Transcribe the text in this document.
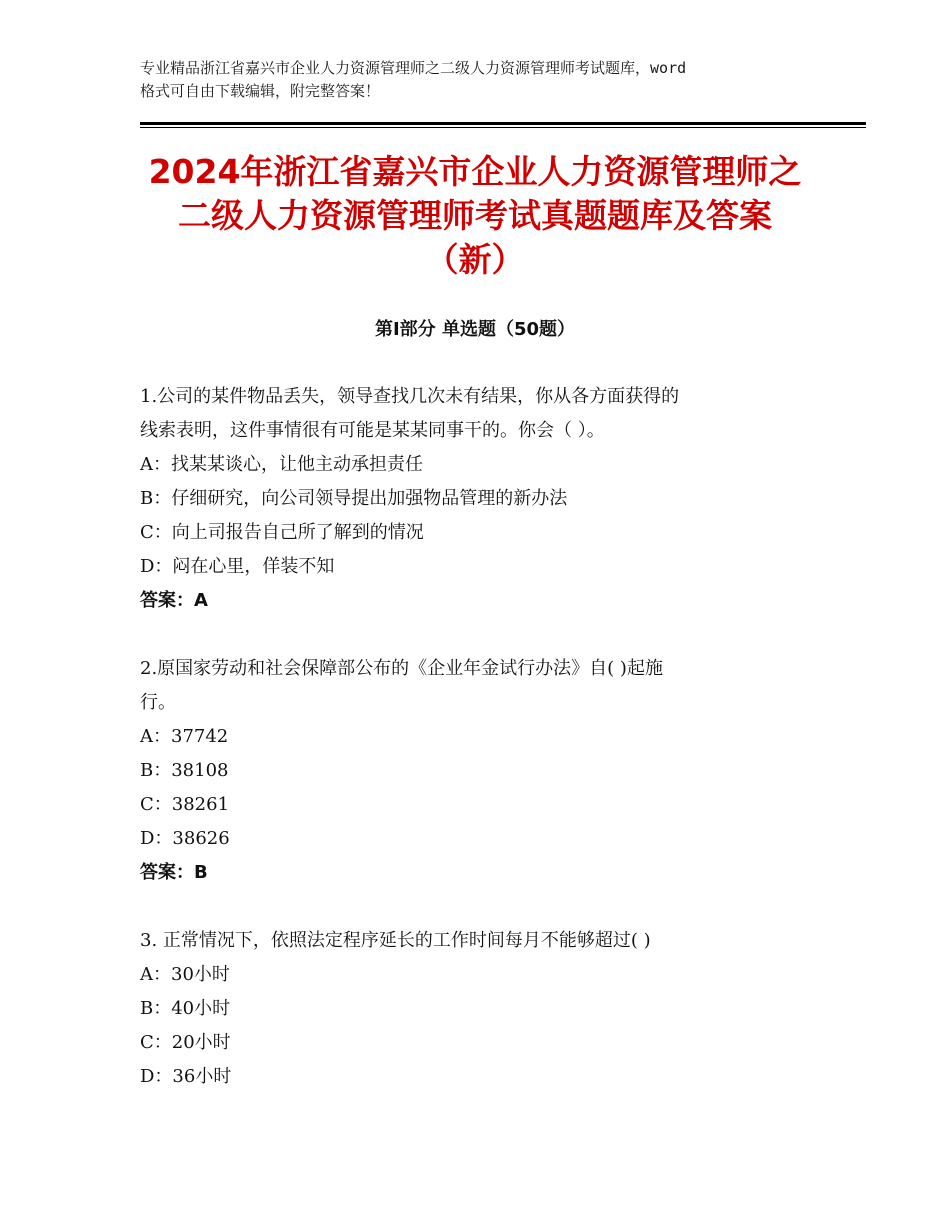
专业精品浙江省嘉兴市企业人力资源管理师之二级人力资源管理师考试题库，word
格式可自由下载编辑，附完整答案！
2024年浙江省嘉兴市企业人力资源管理师之
二级人力资源管理师考试真题题库及答案
（新）
第Ⅰ部分 单选题（50题）

1.公司的某件物品丢失，领导查找几次未有结果，你从各方面获得的

线索表明，这件事情很有可能是某某同事干的。你会（ ）。

A：找某某谈心，让他主动承担责任

B：仔细研究，向公司领导提出加强物品管理的新办法

C：向上司报告自己所了解到的情况

D：闷在心里，佯装不知

答案：A

2.原国家劳动和社会保障部公布的《企业年金试行办法》自( )起施

行。

A：37742

B：38108

C：38261

D：38626

答案：B

3. 正常情况下，依照法定程序延长的工作时间每月不能够超过( )

A：30小时

B：40小时

C：20小时

D：36小时
